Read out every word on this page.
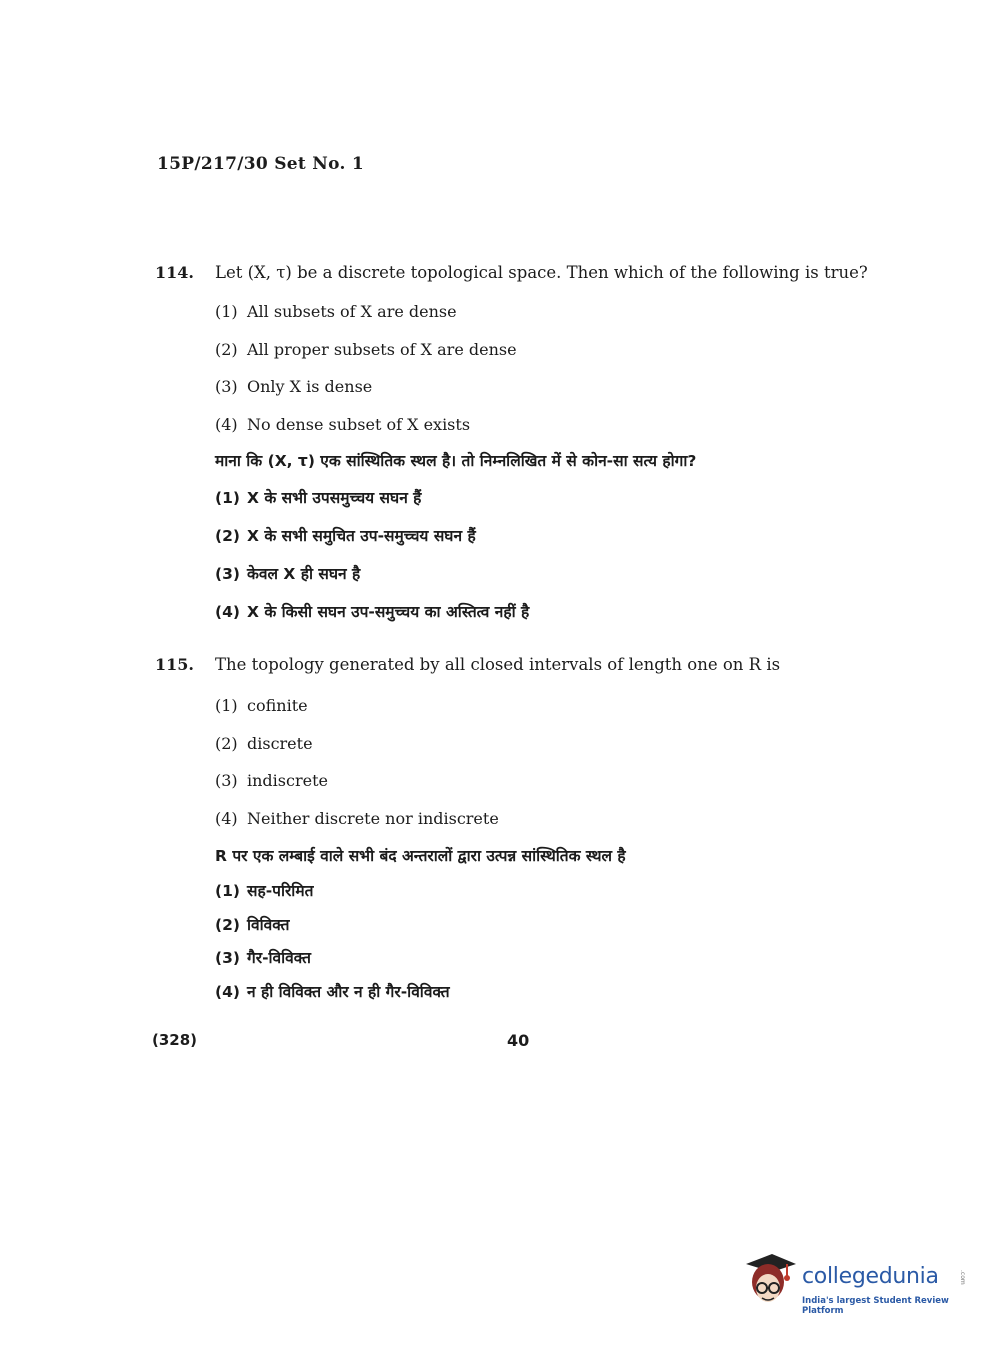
15P/217/30 Set No. 1
114.	Let (X, τ) be a discrete topological space. Then which of the following is true?
(1) All subsets of X are dense
(2) All proper subsets of X are dense
(3) Only X is dense
(4) No dense subset of X exists
माना कि (X, τ) एक सांस्थितिक स्थल है। तो निम्नलिखित में से कोन-सा सत्य होगा?
(1) X के सभी उपसमुच्चय सघन हैं
(2) X के सभी समुचित उप-समुच्चय सघन हैं
(3) केवल X ही सघन है
(4) X के किसी सघन उप-समुच्चय का अस्तित्व नहीं है
115.	The topology generated by all closed intervals of length one on R is
(1) cofinite
(2) discrete
(3) indiscrete
(4) Neither discrete nor indiscrete
R पर एक लम्बाई वाले सभी बंद अन्तरालों द्वारा उत्पन्न सांस्थितिक स्थल है
(1) सह-परिमित
(2) विविक्त
(3) गैर-विविक्त
(4) न ही विविक्त और न ही गैर-विविक्त
(328)	40
collegedunia	.com
India's largest Student Review Platform
